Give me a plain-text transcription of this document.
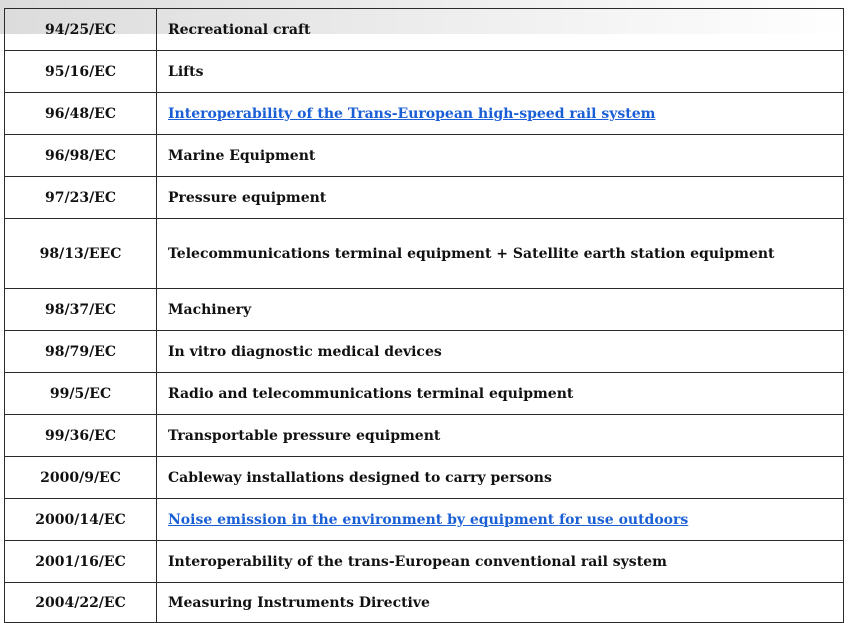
94/25/EC	Recreational craft
95/16/EC	Lifts
96/48/EC	Interoperability of the Trans-European high-speed rail system
96/98/EC	Marine Equipment
97/23/EC	Pressure equipment
98/13/EEC	Telecommunications terminal equipment + Satellite earth station equipment
98/37/EC	Machinery
98/79/EC	In vitro diagnostic medical devices
99/5/EC	Radio and telecommunications terminal equipment
99/36/EC	Transportable pressure equipment
2000/9/EC	Cableway installations designed to carry persons
2000/14/EC	Noise emission in the environment by equipment for use outdoors
2001/16/EC	Interoperability of the trans-European conventional rail system
2004/22/EC	Measuring Instruments Directive
